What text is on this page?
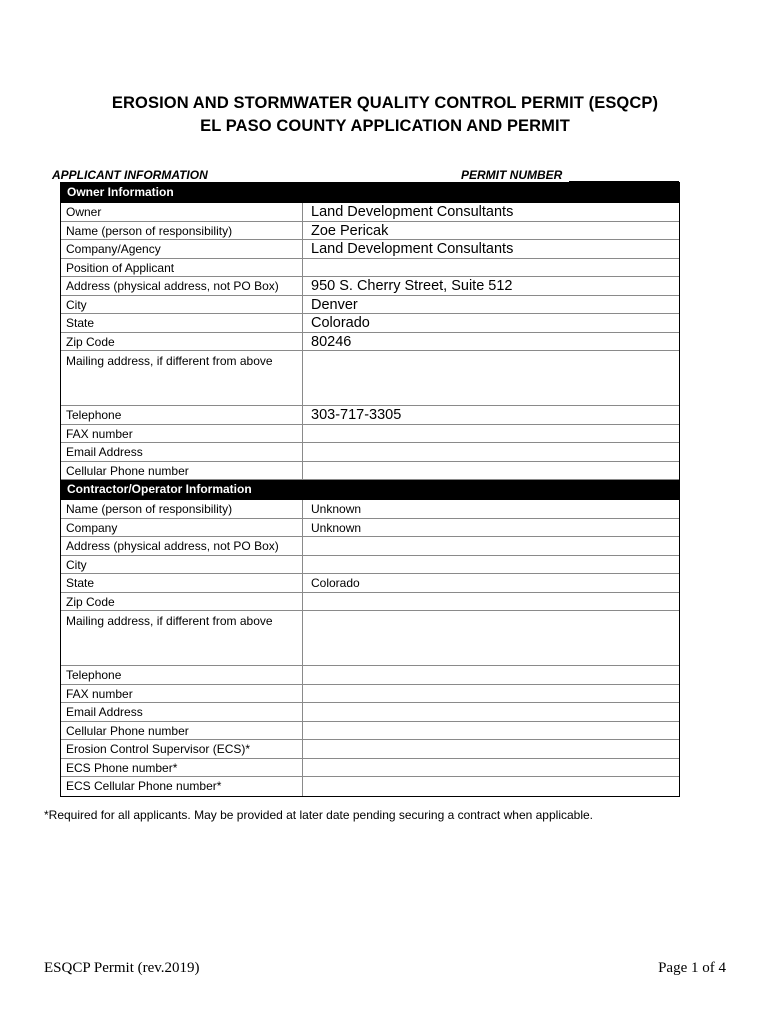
EROSION AND STORMWATER QUALITY CONTROL PERMIT (ESQCP)
EL PASO COUNTY APPLICATION AND PERMIT
APPLICANT INFORMATION	PERMIT NUMBER
Owner Information
Owner	Land Development Consultants
Name (person of responsibility)	Zoe Pericak
Company/Agency	Land Development Consultants
Position of Applicant
Address (physical address, not PO Box)	950 S. Cherry Street, Suite 512
City	Denver
State	Colorado
Zip Code	80246
Mailing address, if different from above
Telephone	303-717-3305
FAX number
Email Address
Cellular Phone number
Contractor/Operator Information
Name (person of responsibility)	Unknown
Company	Unknown
Address (physical address, not PO Box)
City
State	Colorado
Zip Code
Mailing address, if different from above
Telephone
FAX number
Email Address
Cellular Phone number
Erosion Control Supervisor (ECS)*
ECS Phone number*
ECS Cellular Phone number*
*Required for all applicants. May be provided at later date pending securing a contract when applicable.
ESQCP Permit (rev.2019)	Page 1 of 4
